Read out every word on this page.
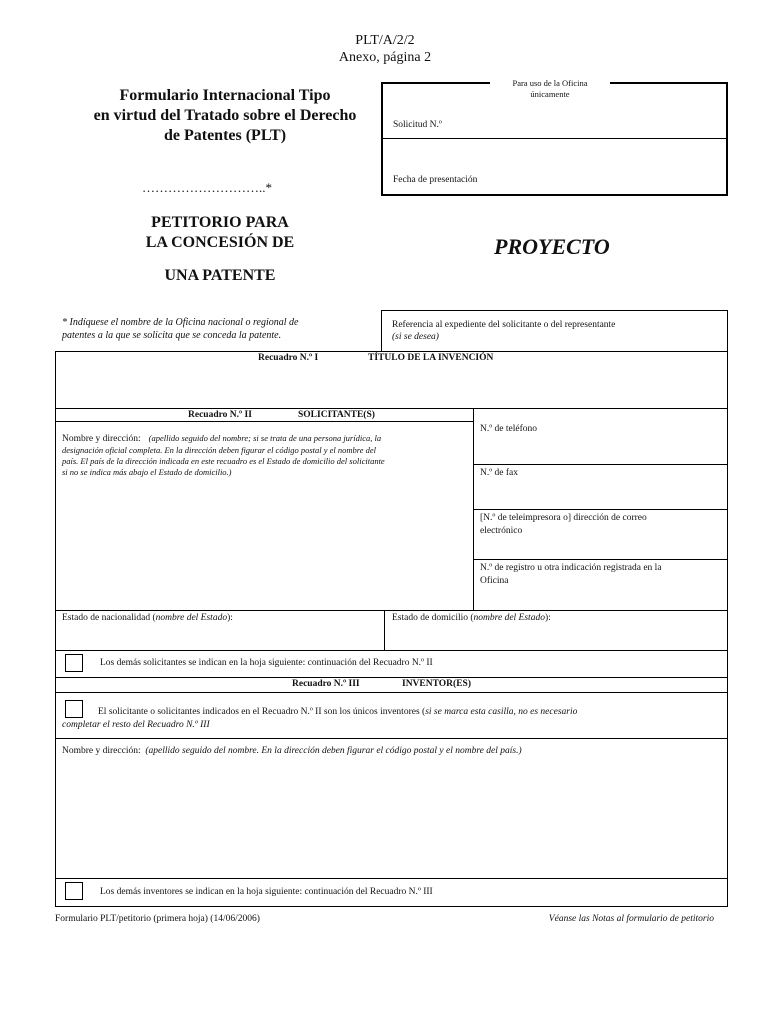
PLT/A/2/2
Anexo, página 2
Formulario Internacional Tipo
en virtud del Tratado sobre el Derecho
de Patentes (PLT)
Para uso de la Oficina
únicamente
Solicitud N.º
Fecha de presentación
………………………..*
PETITORIO PARA
LA CONCESIÓN DE
UNA PATENTE
PROYECTO
* Indíquese el nombre de la Oficina nacional o regional de
patentes a la que se solicita que se conceda la patente.
Referencia al expediente del solicitante o del representante
(si se desea)
Recuadro N.º I	TÍTULO DE LA INVENCIÓN
Recuadro N.º II	SOLICITANTE(S)
Nombre y dirección: (apellido seguido del nombre; si se trata de una persona jurídica, la
designación oficial completa. En la dirección deben figurar el código postal y el nombre del
país. El país de la dirección indicada en este recuadro es el Estado de domicilio del solicitante
si no se indica más abajo el Estado de domicilio.)
N.º de teléfono
N.º de fax
[N.º de teleimpresora o] dirección de correo
electrónico
N.º de registro u otra indicación registrada en la
Oficina
Estado de nacionalidad (nombre del Estado):	Estado de domicilio (nombre del Estado):
Los demás solicitantes se indican en la hoja siguiente: continuación del Recuadro N.º II
Recuadro N.º III	INVENTOR(ES)
El solicitante o solicitantes indicados en el Recuadro N.º II son los únicos inventores (si se marca esta casilla, no es necesario
completar el resto del Recuadro N.º III
Nombre y dirección: (apellido seguido del nombre. En la dirección deben figurar el código postal y el nombre del país.)
Los demás inventores se indican en la hoja siguiente: continuación del Recuadro N.º III
Formulario PLT/petitorio (primera hoja) (14/06/2006)	Véanse las Notas al formulario de petitorio
